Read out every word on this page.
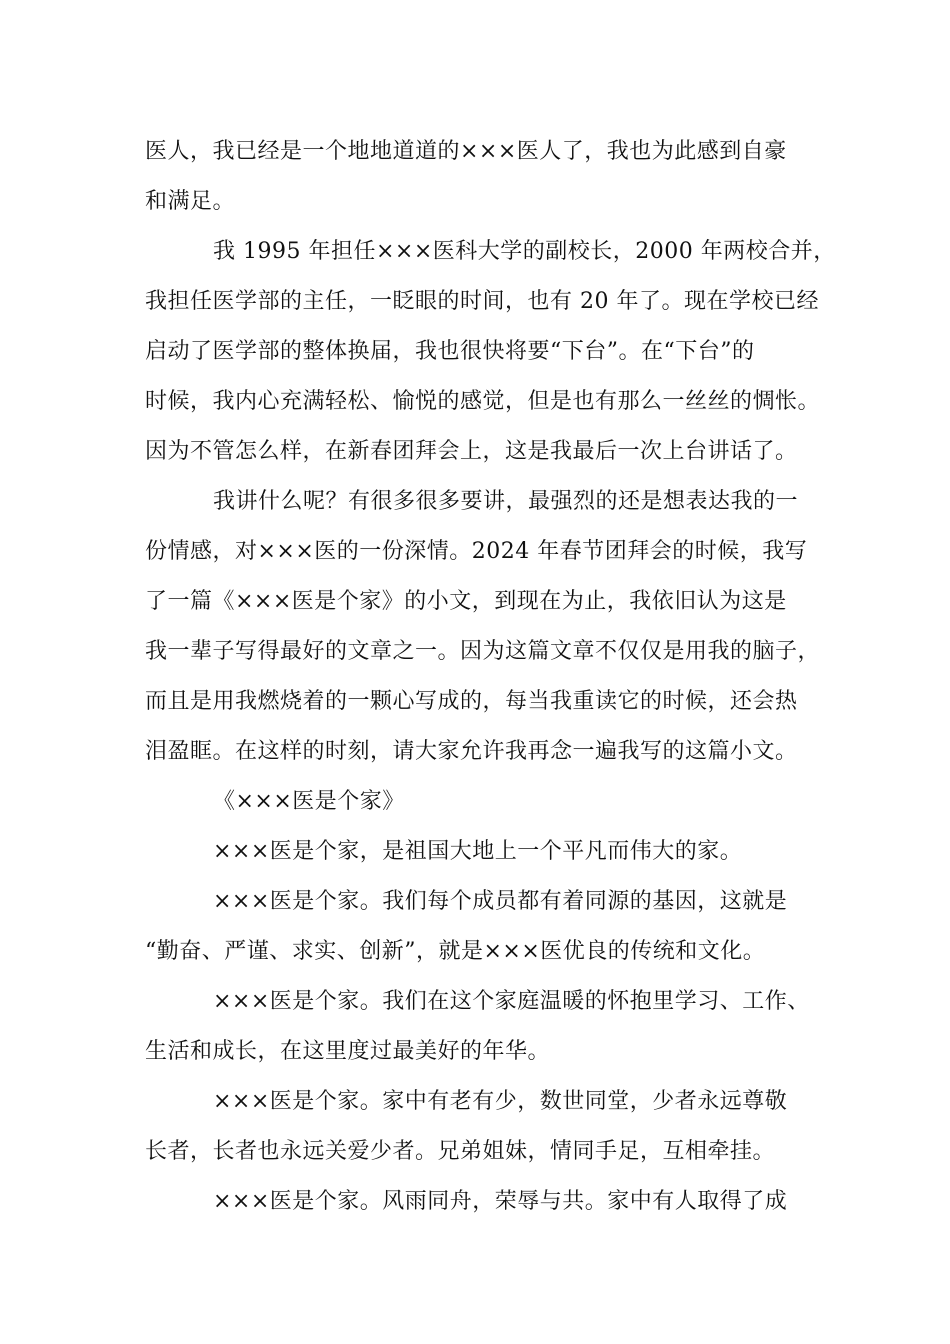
医人，我已经是一个地地道道的×××医人了，我也为此感到自豪
和满足。
我 1995 年担任×××医科大学的副校长，2000 年两校合并，
我担任医学部的主任，一眨眼的时间，也有 20 年了。现在学校已经
启动了医学部的整体换届，我也很快将要“下台”。在“下台”的
时候，我内心充满轻松、愉悦的感觉，但是也有那么一丝丝的惆怅。
因为不管怎么样，在新春团拜会上，这是我最后一次上台讲话了。
我讲什么呢？有很多很多要讲，最强烈的还是想表达我的一
份情感，对×××医的一份深情。2024 年春节团拜会的时候，我写
了一篇《×××医是个家》的小文，到现在为止，我依旧认为这是
我一辈子写得最好的文章之一。因为这篇文章不仅仅是用我的脑子，
而且是用我燃烧着的一颗心写成的，每当我重读它的时候，还会热
泪盈眶。在这样的时刻，请大家允许我再念一遍我写的这篇小文。
《×××医是个家》
×××医是个家，是祖国大地上一个平凡而伟大的家。
×××医是个家。我们每个成员都有着同源的基因，这就是
“勤奋、严谨、求实、创新”，就是×××医优良的传统和文化。
×××医是个家。我们在这个家庭温暖的怀抱里学习、工作、
生活和成长，在这里度过最美好的年华。
×××医是个家。家中有老有少，数世同堂，少者永远尊敬
长者，长者也永远关爱少者。兄弟姐妹，情同手足，互相牵挂。
×××医是个家。风雨同舟，荣辱与共。家中有人取得了成
